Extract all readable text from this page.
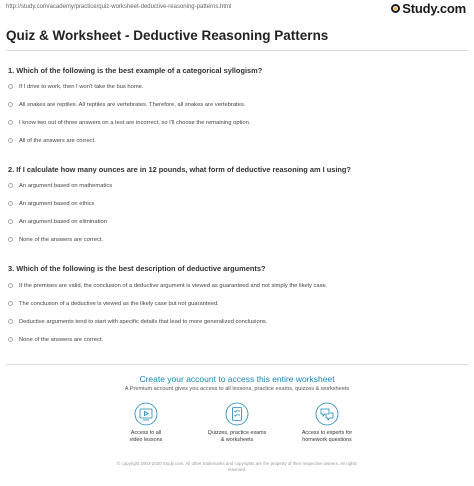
http://study.com/academy/practice/quiz-worksheet-deductive-reasoning-patterns.html	Study.com
Quiz & Worksheet - Deductive Reasoning Patterns
1. Which of the following is the best example of a categorical syllogism?
If I drive to work, then I won't take the bus home.
All snakes are reptiles. All reptiles are vertebrates. Therefore, all snakes are vertebrates.
I know two out of three answers on a test are incorrect, so I'll choose the remaining option.
All of the answers are correct.
2. If I calculate how many ounces are in 12 pounds, what form of deductive reasoning am I using?
An argument based on mathematics
An argument based on ethics
An argument based on elimination
None of the answers are correct.
3. Which of the following is the best description of deductive arguments?
If the premises are valid, the conclusion of a deductive argument is viewed as guaranteed and not simply the likely case.
The conclusion of a deductive is viewed as the likely case but not guaranteed.
Deductive arguments tend to start with specific details that lead to more generalized conclusions.
None of the answers are correct.
Create your account to access this entire worksheet
A Premium account gives you access to all lessons, practice exams, quizzes & worksheets
Access to all
video lessons
Quizzes, practice exams
& worksheets
Access to experts for
homework questions
© copyright 2003-2020 Study.com. All other trademarks and copyrights are the property of their respective owners. All rights
reserved.
